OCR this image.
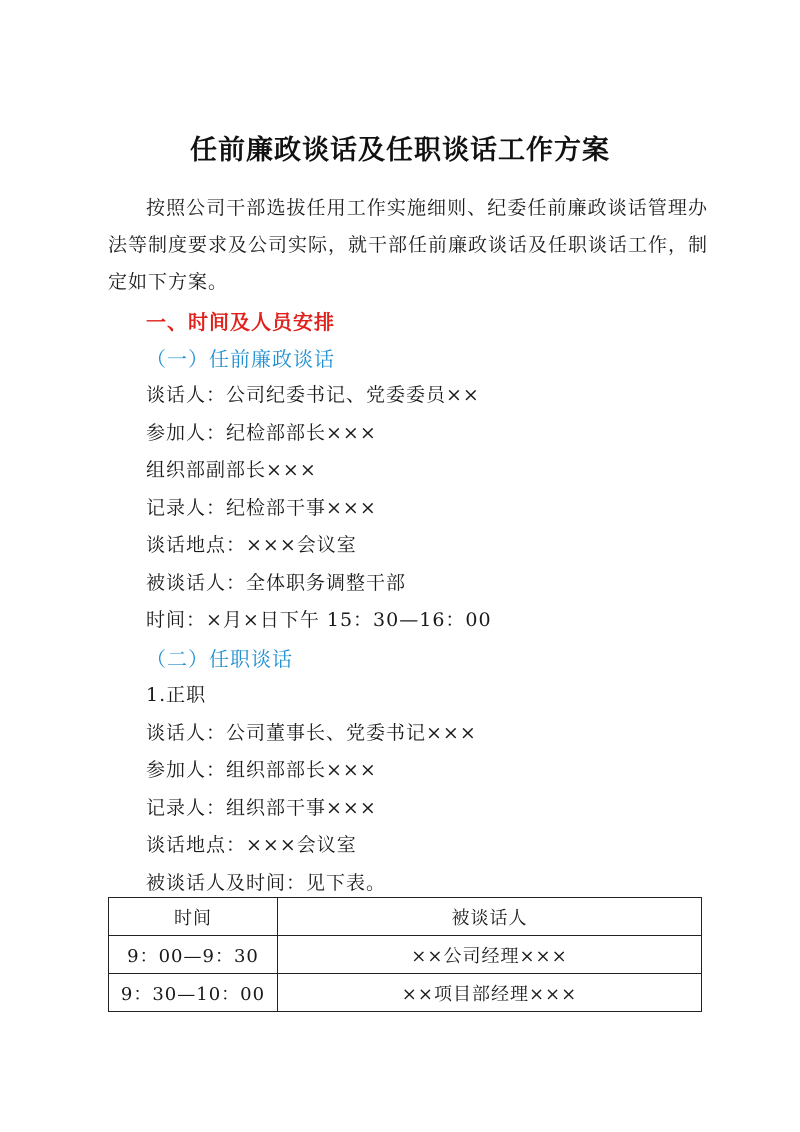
任前廉政谈话及任职谈话工作方案
按照公司干部选拔任用工作实施细则、纪委任前廉政谈话管理办法等制度要求及公司实际，就干部任前廉政谈话及任职谈话工作，制定如下方案。
一、时间及人员安排
（一）任前廉政谈话
谈话人：公司纪委书记、党委委员××
参加人：纪检部部长×××
组织部副部长×××
记录人：纪检部干事×××
谈话地点：×××会议室
被谈话人：全体职务调整干部
时间：×月×日下午 15：30—16：00
（二）任职谈话
1.正职
谈话人：公司董事长、党委书记×××
参加人：组织部部长×××
记录人：组织部干事×××
谈话地点：×××会议室
被谈话人及时间：见下表。
时间	被谈话人
9：00—9：30	××公司经理×××
9：30—10：00	××项目部经理×××
